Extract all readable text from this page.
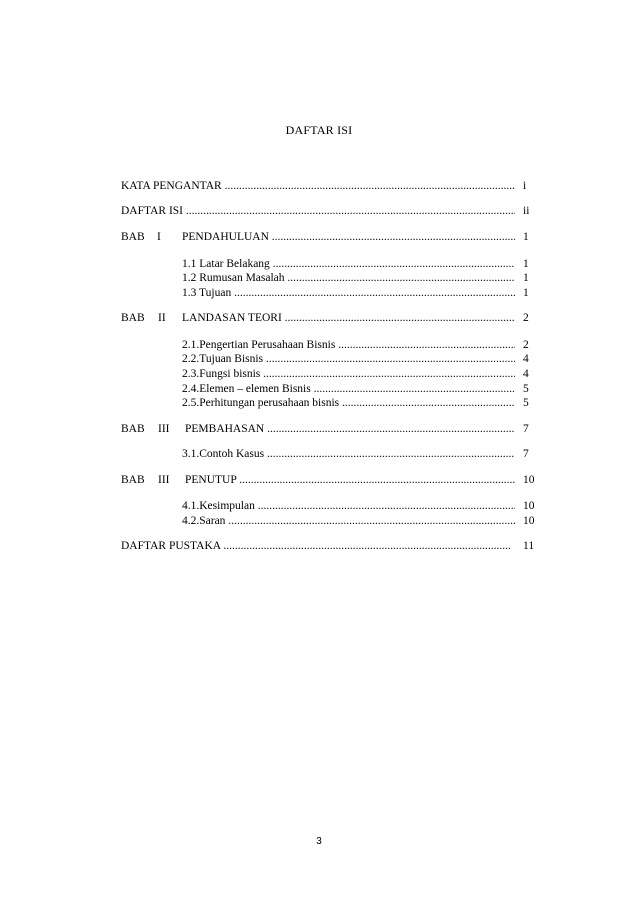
DAFTAR ISI
KATA PENGANTAR .....	i
DAFTAR ISI .....	ii
BAB I PENDAHULUAN .....	1
1.1 Latar Belakang .....	1
1.2 Rumusan Masalah .....	1
1.3 Tujuan .....	1
BAB II LANDASAN TEORI .....	2
2.1.Pengertian Perusahaan Bisnis .....	2
2.2.Tujuan Bisnis .....	4
2.3.Fungsi bisnis .....	4
2.4.Elemen – elemen Bisnis .....	5
2.5.Perhitungan perusahaan bisnis .....	5
BAB III PEMBAHASAN .....	7
3.1.Contoh Kasus .....	7
BAB III PENUTUP .....	10
4.1.Kesimpulan .....	10
4.2.Saran .....	10
DAFTAR PUSTAKA .....	11
3
